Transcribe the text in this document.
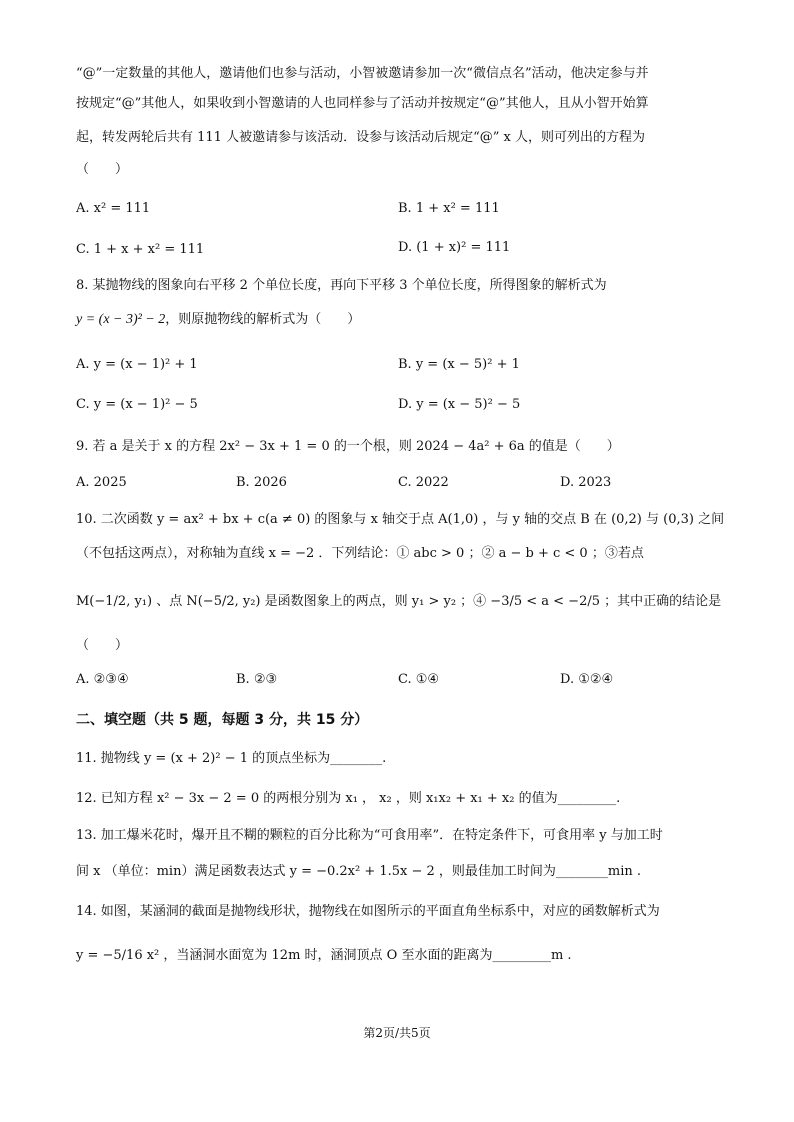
“@”一定数量的其他人，邀请他们也参与活动，小智被邀请参加一次“微信点名”活动，他决定参与并
按规定“@”其他人，如果收到小智邀请的人也同样参与了活动并按规定“@”其他人，且从小智开始算
起，转发两轮后共有 111 人被邀请参与该活动．设参与该活动后规定“@” x 人，则可列出的方程为
（　　）
A. x² = 111	B. 1 + x² = 111
C. 1 + x + x² = 111	D. (1 + x)² = 111
8. 某抛物线的图象向右平移 2 个单位长度，再向下平移 3 个单位长度，所得图象的解析式为
y = (x − 3)² − 2，则原抛物线的解析式为（　　）
A. y = (x − 1)² + 1	B. y = (x − 5)² + 1
C. y = (x − 1)² − 5	D. y = (x − 5)² − 5
9. 若 a 是关于 x 的方程 2x² − 3x + 1 = 0 的一个根，则 2024 − 4a² + 6a 的值是（　　）
A. 2025	B. 2026	C. 2022	D. 2023
10. 二次函数 y = ax² + bx + c(a ≠ 0) 的图象与 x 轴交于点 A(1,0) ，与 y 轴的交点 B 在 (0,2) 与 (0,3) 之间
（不包括这两点），对称轴为直线 x = −2 ．下列结论：① abc > 0 ；② a − b + c < 0 ；③若点
M(−1/2, y₁) 、点 N(−5/2, y₂) 是函数图象上的两点，则 y₁ > y₂ ；④ −3/5 < a < −2/5 ；其中正确的结论是
（　　）
A. ②③④	B. ②③	C. ①④	D. ①②④
二、填空题（共 5 题，每题 3 分，共 15 分）
11. 抛物线 y = (x + 2)² − 1 的顶点坐标为________.
12. 已知方程 x² − 3x − 2 = 0 的两根分别为 x₁ ， x₂ ，则 x₁x₂ + x₁ + x₂ 的值为_________.
13. 加工爆米花时，爆开且不糊的颗粒的百分比称为“可食用率”．在特定条件下，可食用率 y 与加工时
间 x （单位：min）满足函数表达式 y = −0.2x² + 1.5x − 2 ，则最佳加工时间为________min .
14. 如图，某涵洞的截面是抛物线形状，抛物线在如图所示的平面直角坐标系中，对应的函数解析式为
y = −5/16 x² ，当涵洞水面宽为 12m 时，涵洞顶点 O 至水面的距离为_________m .
第2页/共5页
